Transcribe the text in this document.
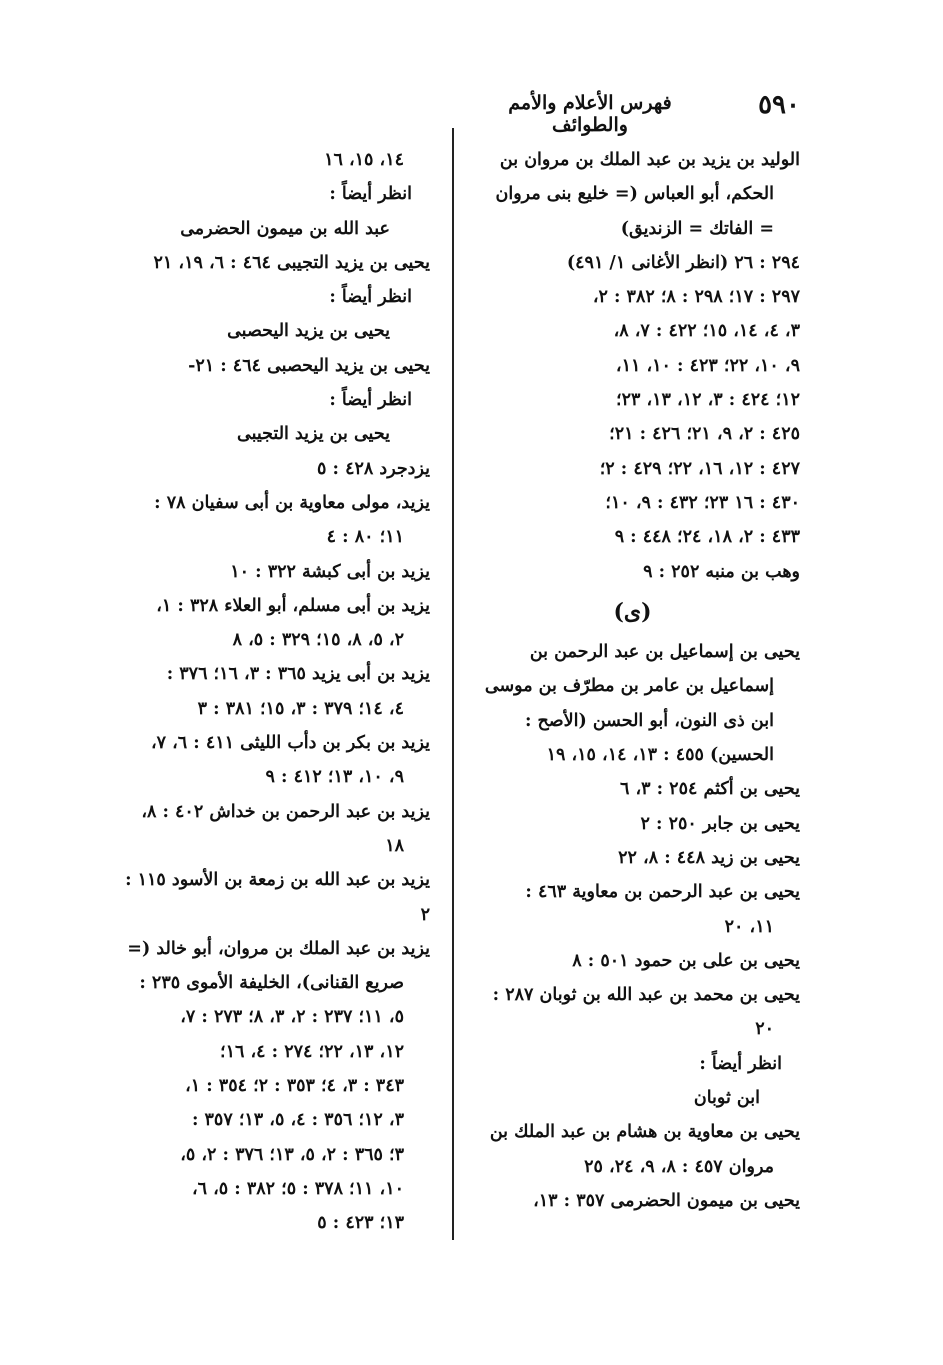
٥٩٠
فهرس الأعلام والأمم والطوائف
الوليد بن يزيد بن عبد الملك بن مروان بن
الحكم، أبو العباس (= خليع بنى مروان
= الفاتك = الزنديق)
٢٩٤ : ٢٦ (انظر الأغانى ١/ ٤٩١)
٢٩٧ : ١٧؛ ٢٩٨ : ٨؛ ٣٨٢ : ٢،
٣، ٤، ١٤، ١٥؛ ٤٢٢ : ٧، ٨،
٩، ١٠، ٢٢؛ ٤٢٣ : ١٠، ١١،
١٢؛ ٤٢٤ : ٣، ١٢، ١٣، ٢٣؛
٤٢٥ : ٢، ٩، ٢١؛ ٤٢٦ : ٢١؛
٤٢٧ : ١٢، ١٦، ٢٢؛ ٤٢٩ : ٢؛
٤٣٠ : ١٦ ٢٣؛ ٤٣٢ : ٩، ١٠؛
٤٣٣ : ٢، ١٨، ٢٤؛ ٤٤٨ : ٩
وهب بن منبه ٢٥٢ : ٩
(ى)
يحيى بن إسماعيل بن عبد الرحمن بن
إسماعيل بن عامر بن مطرّف بن موسى
ابن ذى النون، أبو الحسن (الأصح :
الحسين) ٤٥٥ : ١٣، ١٤، ١٥، ١٩
يحيى بن أكثم ٢٥٤ : ٣، ٦
يحيى بن جابر ٢٥٠ : ٢
يحيى بن زيد ٤٤٨ : ٨، ٢٢
يحيى بن عبد الرحمن بن معاوية ٤٦٣ :
١١، ٢٠
يحيى بن على بن حمود ٥٠١ : ٨
يحيى بن محمد بن عبد الله بن ثوبان ٢٨٧ :
٢٠
انظر أيضاً :
ابن ثوبان
يحيى بن معاوية بن هشام بن عبد الملك بن
مروان ٤٥٧ : ٨، ٩، ٢٤، ٢٥
يحيى بن ميمون الحضرمى ٣٥٧ : ١٣،
١٤، ١٥، ١٦
انظر أيضاً :
عبد الله بن ميمون الحضرمى
يحيى بن يزيد التجيبى ٤٦٤ : ٦، ١٩، ٢١
انظر أيضاً :
يحيى بن يزيد اليحصبى
يحيى بن يزيد اليحصبى ٤٦٤ : ٢١-
انظر أيضاً :
يحيى بن يزيد التجيبى
يزدجرد ٤٢٨ : ٥
يزيد، مولى معاوية بن أبى سفيان ٧٨ :
١١؛ ٨٠ : ٤
يزيد بن أبى كبشة ٣٢٢ : ١٠
يزيد بن أبى مسلم، أبو العلاء ٣٢٨ : ١،
٢، ٥، ٨، ١٥؛ ٣٢٩ : ٥، ٨
يزيد بن أبى يزيد ٣٦٥ : ٣، ١٦؛ ٣٧٦ :
٤، ١٤؛ ٣٧٩ : ٣، ١٥؛ ٣٨١ : ٣
يزيد بن بكر بن دأب الليثى ٤١١ : ٦، ٧،
٩، ١٠، ١٣؛ ٤١٢ : ٩
يزيد بن عبد الرحمن بن خداش ٤٠٢ : ٨،
١٨
يزيد بن عبد الله بن زمعة بن الأسود ١١٥ : ٢
يزيد بن عبد الملك بن مروان، أبو خالد (=
صريع القنانى)، الخليفة الأموى ٢٣٥ :
٥، ١١؛ ٢٣٧ : ٢، ٣، ٨؛ ٢٧٣ : ٧،
١٢، ١٣، ٢٢؛ ٢٧٤ : ٤، ١٦؛
٣٤٣ : ٣، ٤؛ ٣٥٣ : ٢؛ ٣٥٤ : ١،
٣، ١٢؛ ٣٥٦ : ٤، ٥، ١٣؛ ٣٥٧ :
٣؛ ٣٦٥ : ٢، ٥، ١٣؛ ٣٧٦ : ٢، ٥،
١٠، ١١؛ ٣٧٨ : ٥؛ ٣٨٢ : ٥، ٦،
١٣؛ ٤٢٣ : ٥
